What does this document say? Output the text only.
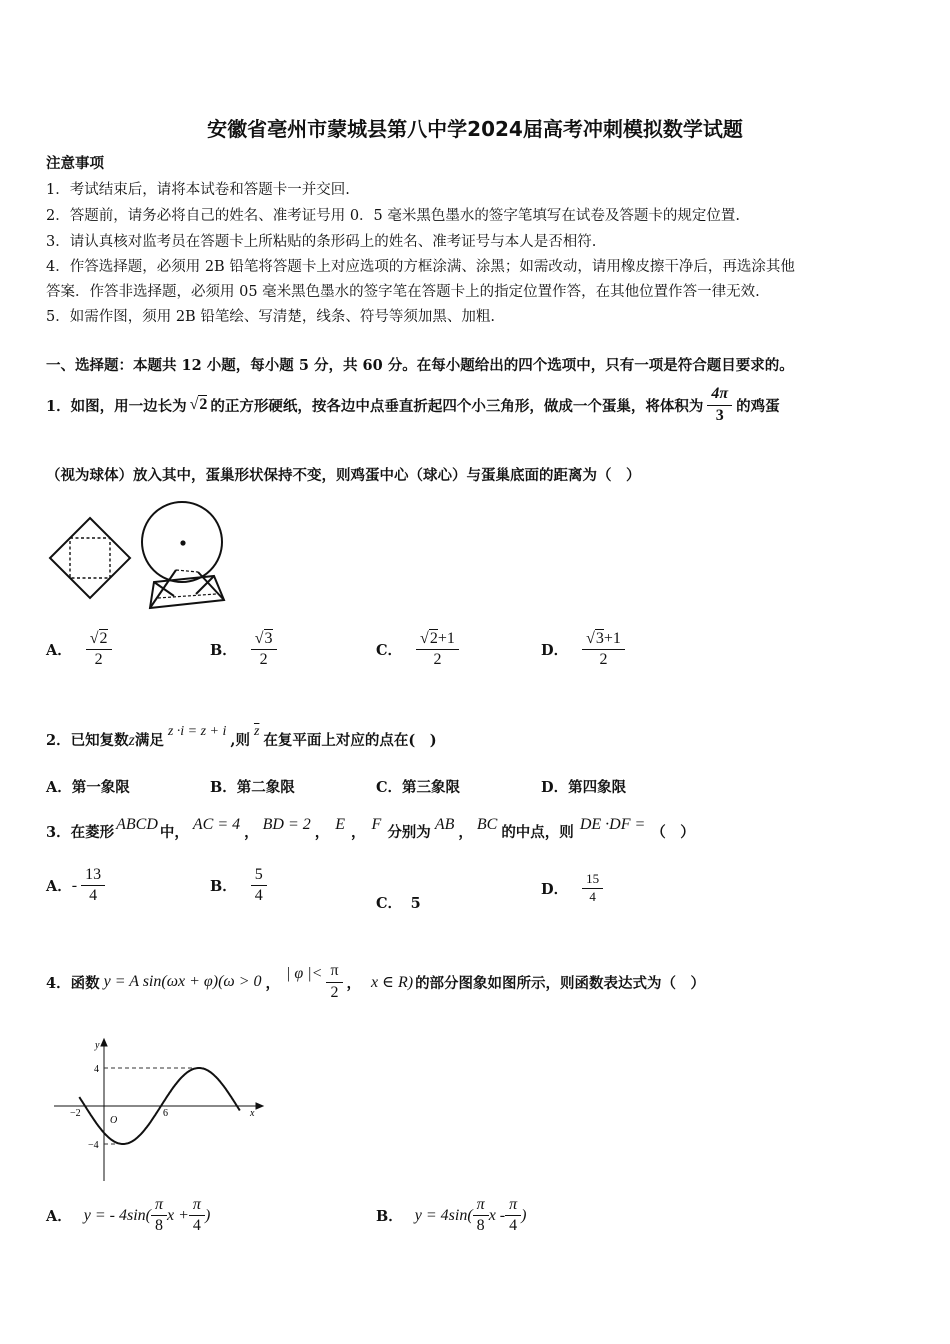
安徽省亳州市蒙城县第八中学2024届高考冲刺模拟数学试题
注意事项
1．考试结束后，请将本试卷和答题卡一并交回.
2．答题前，请务必将自己的姓名、准考证号用 0．5 毫米黑色墨水的签字笔填写在试卷及答题卡的规定位置.
3．请认真核对监考员在答题卡上所粘贴的条形码上的姓名、准考证号与本人是否相符.
4．作答选择题，必须用 2B 铅笔将答题卡上对应选项的方框涂满、涂黑；如需改动，请用橡皮擦干净后，再选涂其他
答案．作答非选择题，必须用 05 毫米黑色墨水的签字笔在答题卡上的指定位置作答，在其他位置作答一律无效.
5．如需作图，须用 2B 铅笔绘、写清楚，线条、符号等须加黑、加粗.
一、选择题：本题共 12 小题，每小题 5 分，共 60 分。在每小题给出的四个选项中，只有一项是符合题目要求的。
1．如图，用一边长为 √2 的正方形硬纸，按各边中点垂直折起四个小三角形，做成一个蛋巢，将体积为 $\frac{4\pi}{3}$ 的鸡蛋
（视为球体）放入其中，蛋巢形状保持不变，则鸡蛋中心（球心）与蛋巢底面的距离为（　）
A． $\frac{√2}{2}$	B． $\frac{√3}{2}$	C． $\frac{√2+1}{2}$	D． $\frac{√3+1}{2}$
2．已知复数 z 满足
z ·i = z + i
,则
$\overline{z}$
在复平面上对应的点在(　)
A．第一象限	B．第二象限	C．第三象限	D．第四象限
3．在菱形 ABCD 中， AC = 4 ， BD = 2 ， E ， F 分别为 AB ， BC 的中点，则 DE ·DF = （　）
A． - $\frac{13}{4}$	B． $\frac{5}{4}$	C． 5
D． $\frac{15}{4}$
4．函数 y = A sin(ωx + φ)(ω > 0 ，
| φ |< $\frac{\pi}{2}$ ， x ∈ R) 的部分图象如图所示，则函数表达式为（　）
y
x
O
4
−4
−2	6
A． y = - $4\sin( \frac{\pi}{8}$ $x + \frac{\pi}{4}$ )	B． $y = 4\sin( \frac{\pi}{8}$ x - $\frac{\pi}{4}$ )
